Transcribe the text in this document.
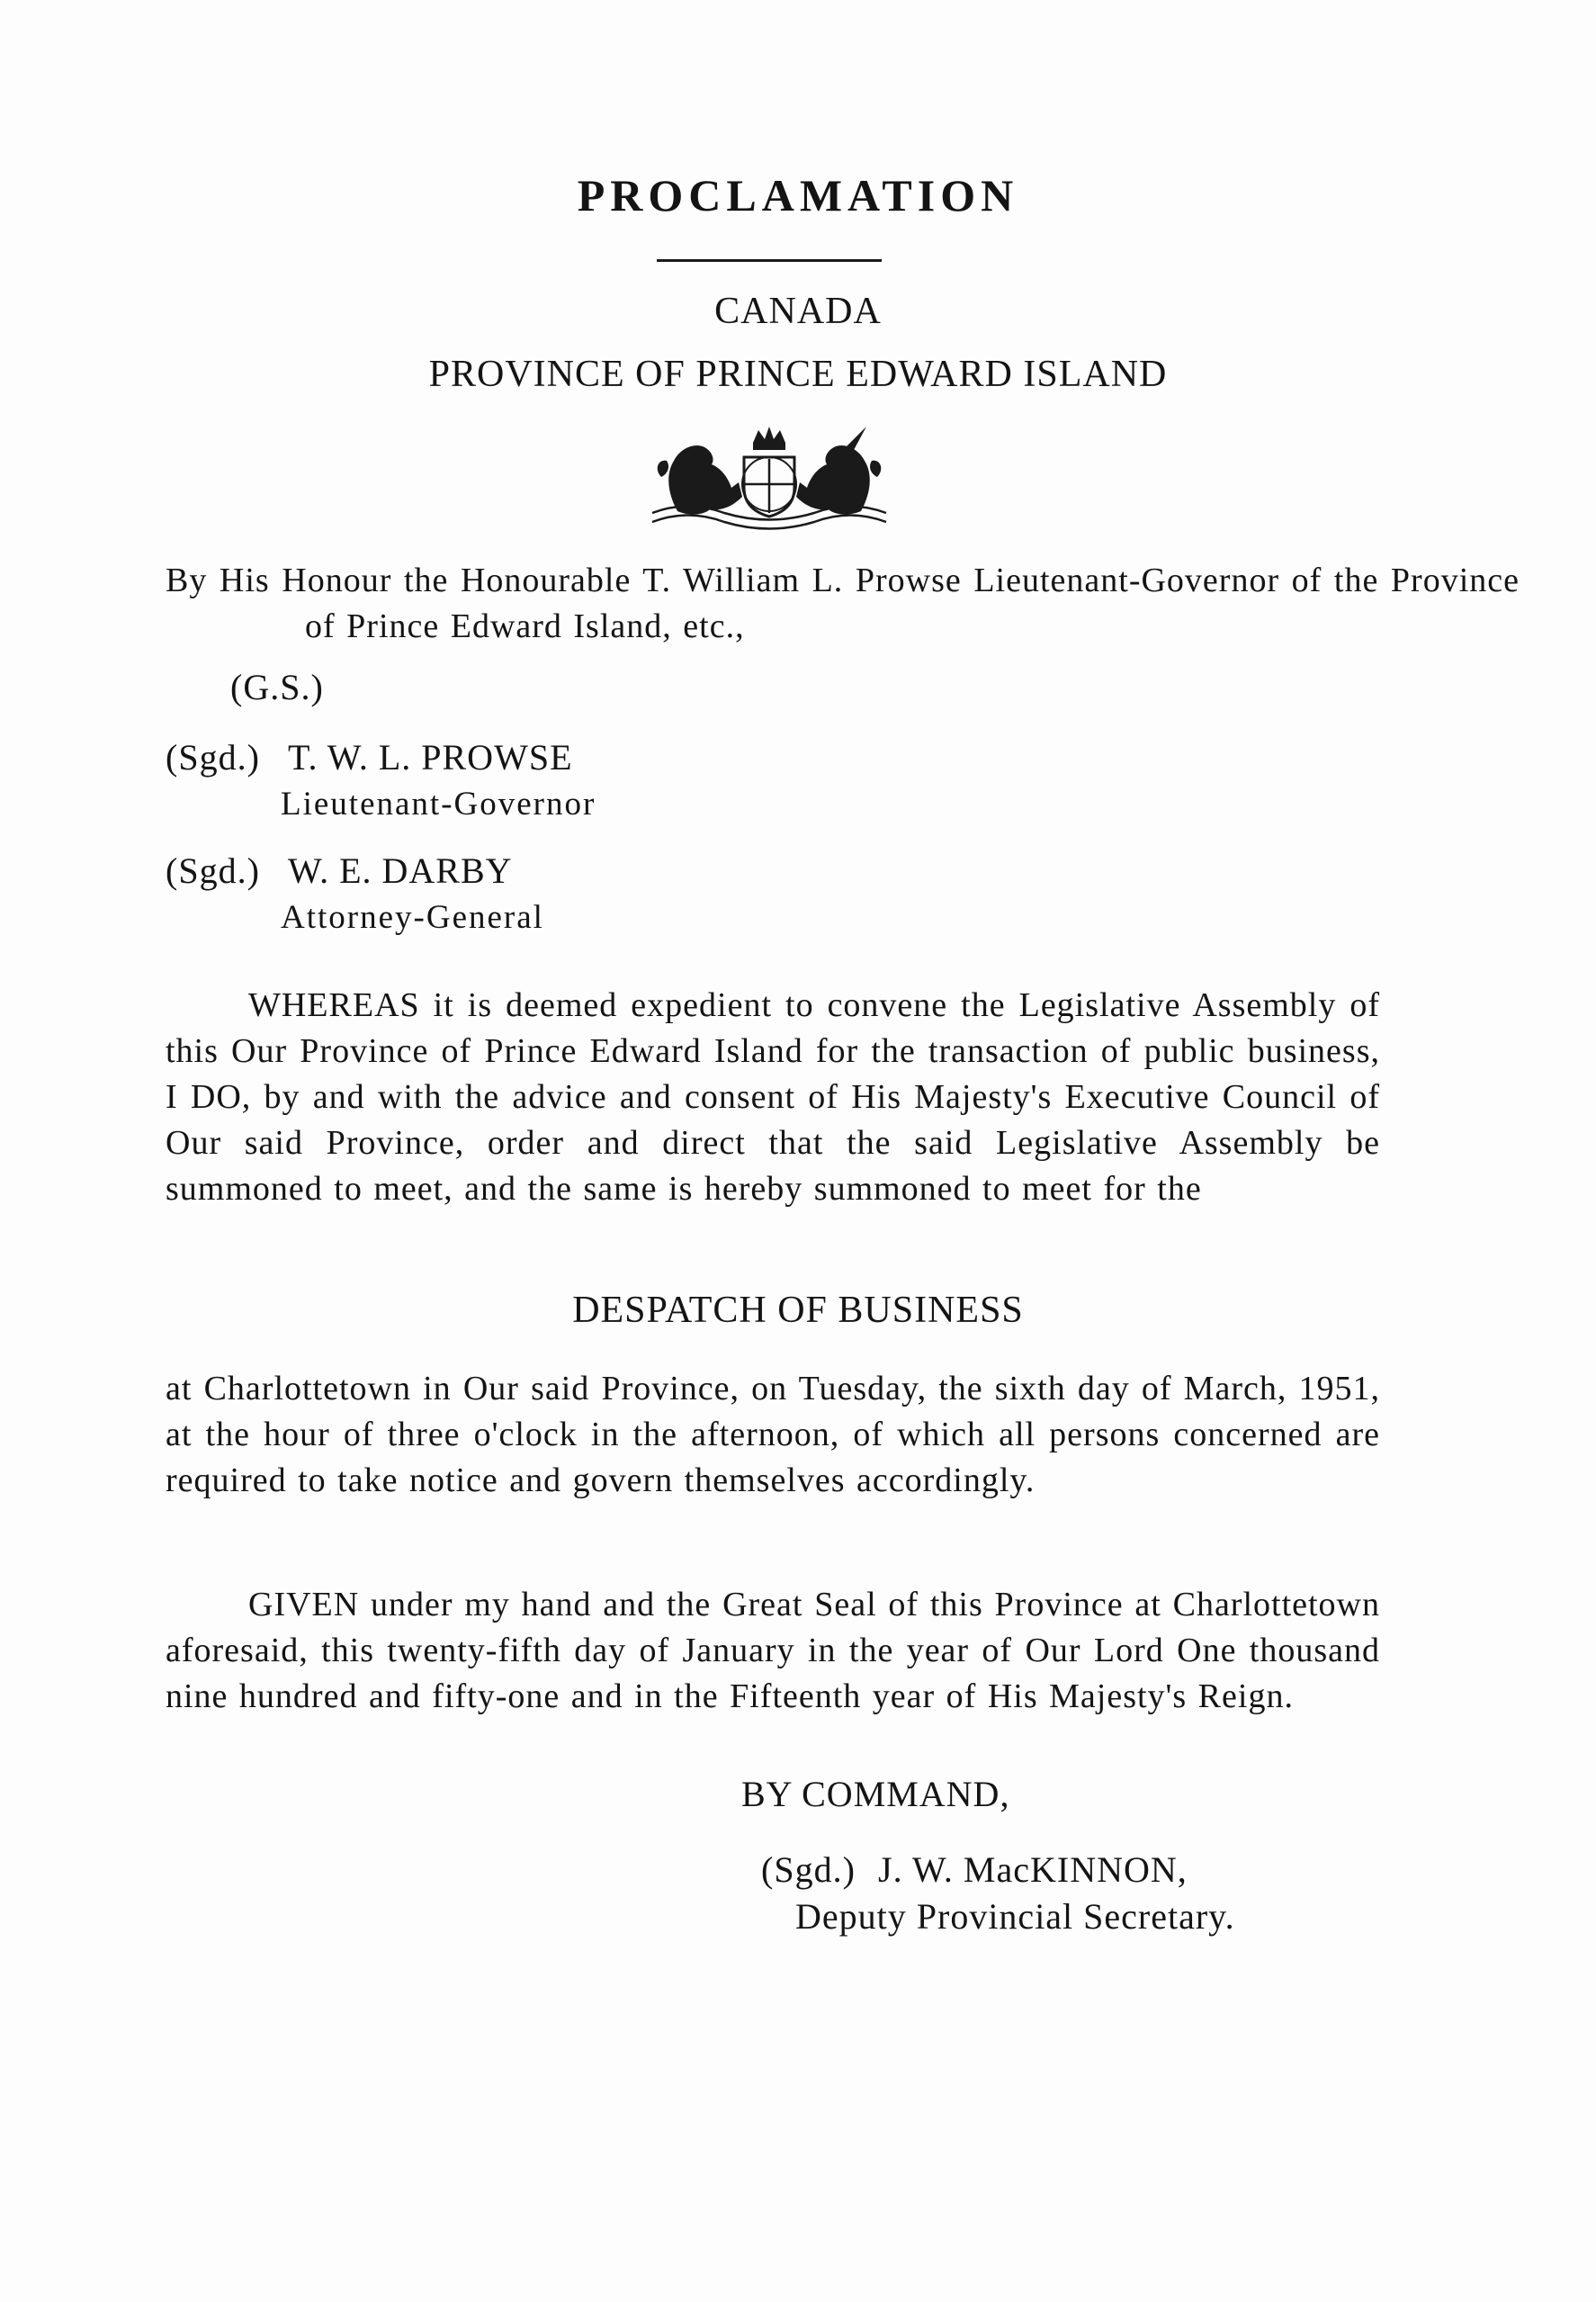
PROCLAMATION
CANADA
PROVINCE OF PRINCE EDWARD ISLAND
By His Honour the Honourable T. William L. Prowse Lieutenant-Governor of the Province of Prince Edward Island, etc.,
(G.S.)
(Sgd.) T. W. L. PROWSE
Lieutenant-Governor
(Sgd.) W. E. DARBY
Attorney-General
WHEREAS it is deemed expedient to convene the Legislative Assembly of this Our Province of Prince Edward Island for the transaction of public business, I DO, by and with the advice and consent of His Majesty's Executive Council of Our said Province, order and direct that the said Legislative Assembly be summoned to meet, and the same is hereby summoned to meet for the
DESPATCH OF BUSINESS
at Charlottetown in Our said Province, on Tuesday, the sixth day of March, 1951, at the hour of three o'clock in the afternoon, of which all persons concerned are required to take notice and govern themselves accordingly.
GIVEN under my hand and the Great Seal of this Province at Charlottetown aforesaid, this twenty-fifth day of January in the year of Our Lord One thousand nine hundred and fifty-one and in the Fifteenth year of His Majesty's Reign.
BY COMMAND,
(Sgd.) J. W. MacKINNON,
Deputy Provincial Secretary.
